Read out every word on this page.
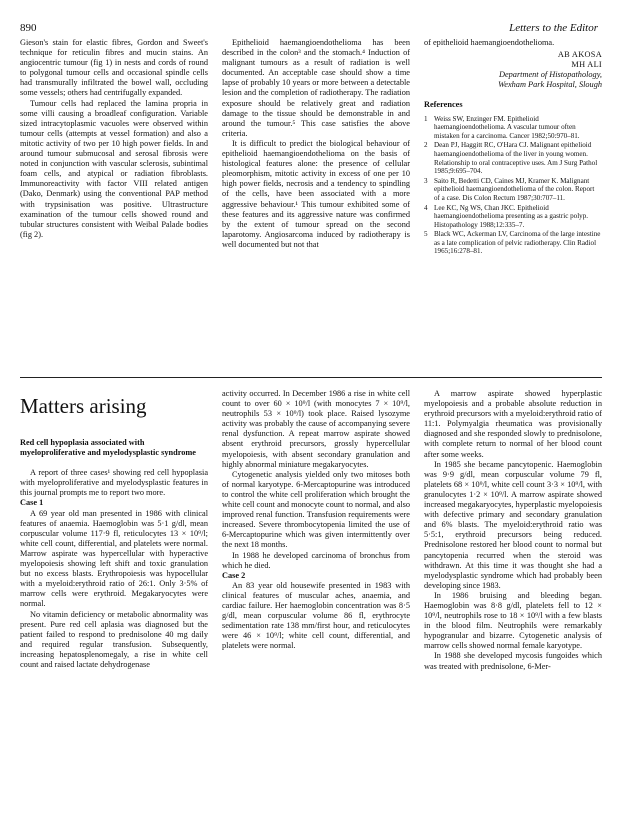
890	Letters to the Editor

Gieson's stain for elastic fibres, Gordon and Sweet's technique for reticulin fibres and mucin stains. An angiocentric tumour (fig 1) in nests and cords of round to polygonal tumour cells and occasional spindle cells had transmurally infiltrated the bowel wall, occluding some vessels; others had centrifugally expanded.

Tumour cells had replaced the lamina propria in some villi causing a broadleaf configuration. Variable sized intracytoplasmic vacuoles were observed within tumour cells (attempts at vessel formation) and also a mitotic activity of two per 10 high power fields. In and around tumour submucosal and serosal fibrosis were noted in conjunction with vascular sclerosis, subintimal foam cells, and atypical or radiation fibroblasts. Immunoreactivity with factor VIII related antigen (Dako, Denmark) using the conventional PAP method with trypsinisation was positive. Ultrastructure examination of the tumour cells showed round and tubular structures consistent with Weibal Palade bodies (fig 2).

Epithelioid haemangioendothelioma has been described in the colon³ and the stomach.⁴ Induction of malignant tumours as a result of radiation is well documented. An acceptable case should show a time lapse of probably 10 years or more between a detectable lesion and the completion of radiotherapy. The radiation exposure should be relatively great and radiation damage to the tissue should be demonstrable in and around the tumour.⁵ This case satisfies the above criteria.

It is difficult to predict the biological behaviour of epithelioid haemangioendothelioma on the basis of histological features alone: the presence of cellular pleomorphism, mitotic activity in excess of one per 10 high power fields, necrosis and a tendency to spindling of the cells, have been associated with a more aggressive behaviour.¹ This tumour exhibited some of these features and its aggressive nature was confirmed by the extent of tumour spread on the second laparotomy. Angiosarcoma induced by radiotherapy is well documented but not that

of epithelioid haemangioendothelioma.

AB AKOSA
MH ALI
Department of Histopathology,
Wexham Park Hospital, Slough
References
1 Weiss SW, Enzinger FM. Epithelioid haemangioendothelioma. A vascular tumour often mistaken for a carcinoma. Cancer 1982;50:970–81.
2 Dean PJ, Haggitt RC, O'Hara CJ. Malignant epithelioid haemangioendothelioma of the liver in young women. Relationship to oral contraceptive uses. Am J Surg Pathol 1985;9:695–704.
3 Saito R, Bedetti CD, Caines MJ, Kramer K. Malignant epithelioid haemangioendothelioma of the colon. Report of a case. Dis Colon Rectum 1987;30:707–11.
4 Lee KC, Ng WS, Chan JKC. Epithelioid haemangioendothelioma presenting as a gastric polyp. Histopathology 1988;12:335–7.
5 Black WC, Ackerman LV, Carcinoma of the large intestine as a late complication of pelvic radiotherapy. Clin Radiol 1965;16:278–81.
Matters arising
Red cell hypoplasia associated with myeloproliferative and myelodysplastic syndrome

A report of three cases¹ showing red cell hypoplasia with myeloproliferative and myelodysplastic features in this journal prompts me to report two more.

Case 1

A 69 year old man presented in 1986 with clinical features of anaemia. Haemoglobin was 5·1 g/dl, mean corpuscular volume 117·9 fl, reticulocytes 13 × 10⁹/l; white cell count, differential, and platelets were normal. Marrow aspirate was hypercellular with hyperactive myelopoiesis showing left shift and toxic granulation but no excess blasts. Erythropoiesis was hypocellular with a myeloid:erythroid ratio of 26:1. Only 3·5% of marrow cells were erythroid. Megakaryocytes were normal.

No vitamin deficiency or metabolic abnormality was present. Pure red cell aplasia was diagnosed but the patient failed to respond to prednisolone 40 mg daily and required regular transfusion. Subsequently, increasing hepatosplenomegaly, a rise in white cell count and raised lactate dehydrogenase

activity occurred. In December 1986 a rise in white cell count to over 60 × 10⁹/l (with monocytes 7 × 10⁹/l, neutrophils 53 × 10⁹/l) took place. Raised lysozyme activity was probably the cause of accompanying severe renal dysfunction. A repeat marrow aspirate showed absent erythroid precursors, grossly hypercellular myelopoiesis, with absent secondary granulation and highly abnormal miniature megakaryocytes.

Cytogenetic analysis yielded only two mitoses both of normal karyotype. 6-Mercaptopurine was introduced to control the white cell proliferation which brought the white cell count and monocyte count to normal, and also improved renal function. Transfusion requirements were increased. Severe thrombocytopenia limited the use of 6-Mercaptopurine which was given intermittently over the next 18 months.

In 1988 he developed carcinoma of bronchus from which he died.

Case 2

An 83 year old housewife presented in 1983 with clinical features of muscular aches, anaemia, and cardiac failure. Her haemoglobin concentration was 8·5 g/dl, mean corpuscular volume 86 fl, erythrocyte sedimentation rate 138 mm/first hour, and reticulocytes were 46 × 10⁹/l; white cell count, differential, and platelets were normal.

A marrow aspirate showed hyperplastic myelopoiesis and a probable absolute reduction in erythroid precursors with a myeloid:erythroid ratio of 11:1. Polymyalgia rheumatica was provisionally diagnosed and she responded slowly to prednisolone, with complete return to normal of her blood count after some weeks.

In 1985 she became pancytopenic. Haemoglobin was 9·9 g/dl, mean corpuscular volume 79 fl, platelets 68 × 10⁹/l, white cell count 3·3 × 10⁹/l, with granulocytes 1·2 × 10⁹/l. A marrow aspirate showed increased megakaryocytes, hyperplastic myelopoiesis with defective primary and secondary granulation and 6% blasts. The myeloid:erythroid ratio was 5·5:1, erythroid precursors being reduced. Prednisolone restored her blood count to normal but pancytopenia recurred when the steroid was withdrawn. At this time it was thought she had a myelodysplastic syndrome which had probably been developing since 1983.

In 1986 bruising and bleeding began. Haemoglobin was 8·8 g/dl, platelets fell to 12 × 10⁹/l, neutrophils rose to 18 × 10⁹/l with a few blasts in the blood film. Neutrophils were remarkably hypogranular and bizarre. Cytogenetic analysis of marrow cells showed normal female karyotype.

In 1988 she developed mycosis fungoides which was treated with prednisolone, 6-Mer-
